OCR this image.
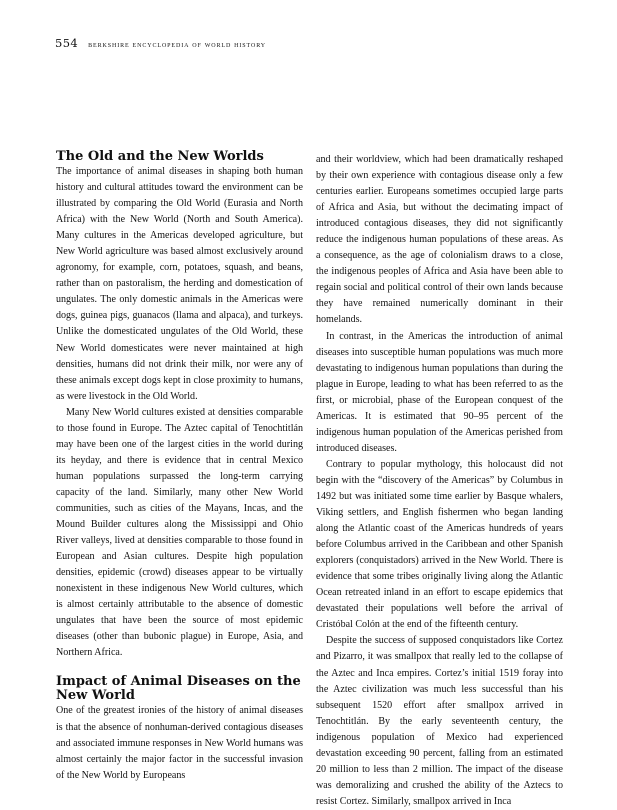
554 berkshire encyclopedia of world history
The Old and the New Worlds

The importance of animal diseases in shaping both human history and cultural attitudes toward the environment can be illustrated by comparing the Old World (Eurasia and North Africa) with the New World (North and South America). Many cultures in the Americas developed agriculture, but New World agriculture was based almost exclusively around agronomy, for example, corn, potatoes, squash, and beans, rather than on pastoralism, the herding and domestication of ungulates. The only domestic animals in the Americas were dogs, guinea pigs, guanacos (llama and alpaca), and turkeys. Unlike the domesticated ungulates of the Old World, these New World domesticates were never maintained at high densities, humans did not drink their milk, nor were any of these animals except dogs kept in close proximity to humans, as were livestock in the Old World.

Many New World cultures existed at densities comparable to those found in Europe. The Aztec capital of Tenochtitlán may have been one of the largest cities in the world during its heyday, and there is evidence that in central Mexico human populations surpassed the long-term carrying capacity of the land. Similarly, many other New World communities, such as cities of the Mayans, Incas, and the Mound Builder cultures along the Mississippi and Ohio River valleys, lived at densities comparable to those found in European and Asian cultures. Despite high population densities, epidemic (crowd) diseases appear to be virtually nonexistent in these indigenous New World cultures, which is almost certainly attributable to the absence of domestic ungulates that have been the source of most epidemic diseases (other than bubonic plague) in Europe, Asia, and Northern Africa.

Impact of Animal Diseases on the New World

One of the greatest ironies of the history of animal diseases is that the absence of nonhuman-derived contagious diseases and associated immune responses in New World humans was almost certainly the major factor in the successful invasion of the New World by Europeans

and their worldview, which had been dramatically reshaped by their own experience with contagious disease only a few centuries earlier. Europeans sometimes occupied large parts of Africa and Asia, but without the decimating impact of introduced contagious diseases, they did not significantly reduce the indigenous human populations of these areas. As a consequence, as the age of colonialism draws to a close, the indigenous peoples of Africa and Asia have been able to regain social and political control of their own lands because they have remained numerically dominant in their homelands.

In contrast, in the Americas the introduction of animal diseases into susceptible human populations was much more devastating to indigenous human populations than during the plague in Europe, leading to what has been referred to as the first, or microbial, phase of the European conquest of the Americas. It is estimated that 90–95 percent of the indigenous human population of the Americas perished from introduced diseases.

Contrary to popular mythology, this holocaust did not begin with the “discovery of the Americas” by Columbus in 1492 but was initiated some time earlier by Basque whalers, Viking settlers, and English fishermen who began landing along the Atlantic coast of the Americas hundreds of years before Columbus arrived in the Caribbean and other Spanish explorers (conquistadors) arrived in the New World. There is evidence that some tribes originally living along the Atlantic Ocean retreated inland in an effort to escape epidemics that devastated their populations well before the arrival of Cristóbal Colón at the end of the fifteenth century.

Despite the success of supposed conquistadors like Cortez and Pizarro, it was smallpox that really led to the collapse of the Aztec and Inca empires. Cortez’s initial 1519 foray into the Aztec civilization was much less successful than his subsequent 1520 effort after smallpox arrived in Tenochtitlán. By the early seventeenth century, the indigenous population of Mexico had experienced devastation exceeding 90 percent, falling from an estimated 20 million to less than 2 million. The impact of the disease was demoralizing and crushed the ability of the Aztecs to resist Cortez. Similarly, smallpox arrived in Inca
